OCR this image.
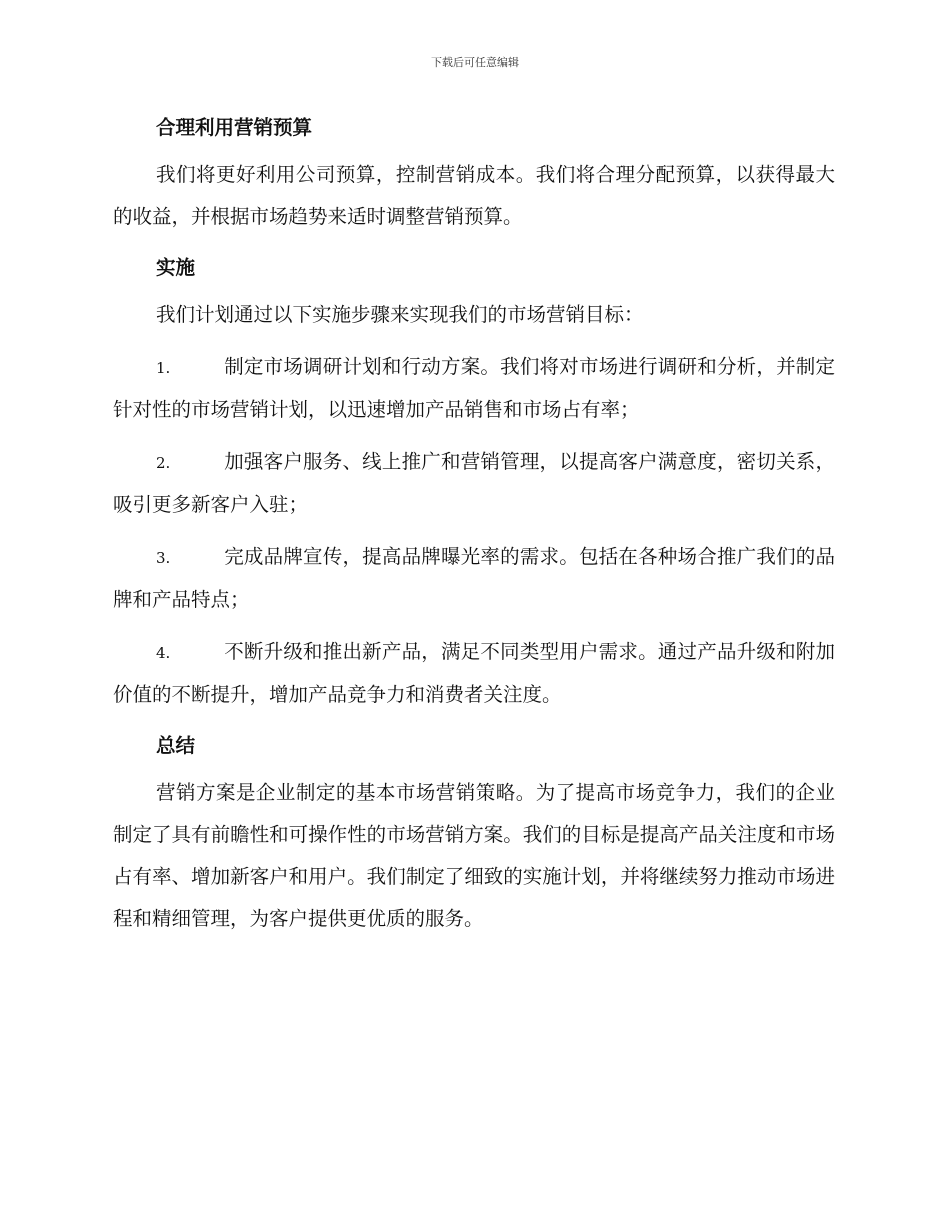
下载后可任意编辑
合理利用营销预算

我们将更好利用公司预算，控制营销成本。我们将合理分配预算，以获得最大的收益，并根据市场趋势来适时调整营销预算。

实施

我们计划通过以下实施步骤来实现我们的市场营销目标：

1.	制定市场调研计划和行动方案。我们将对市场进行调研和分析，并制定针对性的市场营销计划，以迅速增加产品销售和市场占有率；

2.	加强客户服务、线上推广和营销管理，以提高客户满意度，密切关系，吸引更多新客户入驻；

3.	完成品牌宣传，提高品牌曝光率的需求。包括在各种场合推广我们的品牌和产品特点；

4.	不断升级和推出新产品，满足不同类型用户需求。通过产品升级和附加价值的不断提升，增加产品竞争力和消费者关注度。

总结

营销方案是企业制定的基本市场营销策略。为了提高市场竞争力，我们的企业制定了具有前瞻性和可操作性的市场营销方案。我们的目标是提高产品关注度和市场占有率、增加新客户和用户。我们制定了细致的实施计划，并将继续努力推动市场进程和精细管理，为客户提供更优质的服务。
